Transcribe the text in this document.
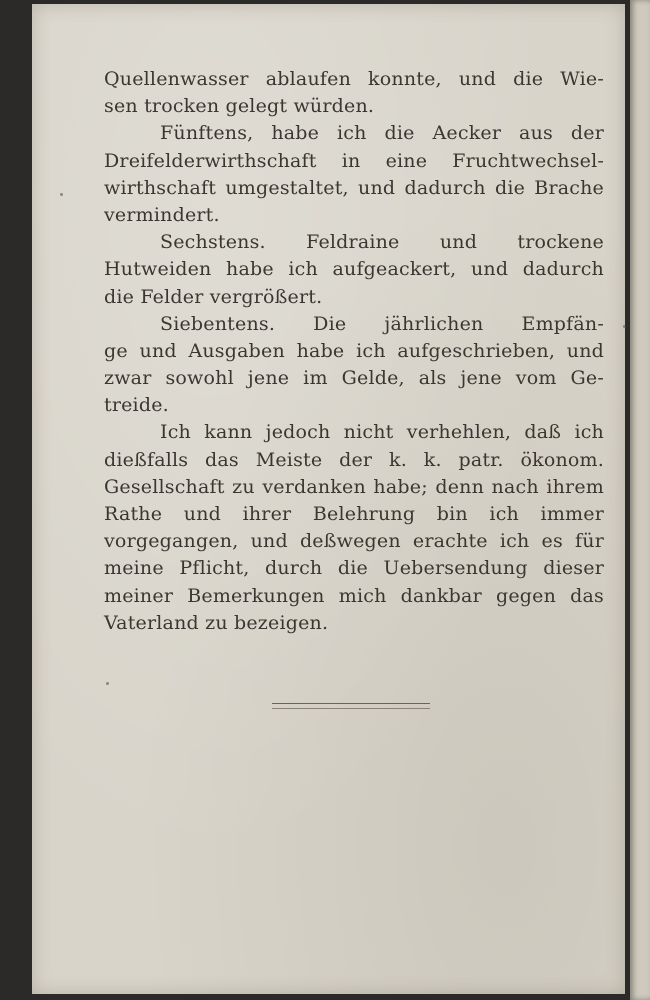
Quellenwasser ablaufen konnte, und die Wie-
sen trocken gelegt würden.
Fünftens, habe ich die Aecker aus der
Dreifelderwirthschaft in eine Fruchtwechsel-
wirthschaft umgestaltet, und dadurch die Brache
vermindert.
Sechstens. Feldraine und trockene
Hutweiden habe ich aufgeackert, und dadurch
die Felder vergrößert.
Siebentens. Die jährlichen Empfän-
ge und Ausgaben habe ich aufgeschrieben, und
zwar sowohl jene im Gelde, als jene vom Ge-
treide.
Ich kann jedoch nicht verhehlen, daß ich
dießfalls das Meiste der k. k. patr. ökonom.
Gesellschaft zu verdanken habe; denn nach ihrem
Rathe und ihrer Belehrung bin ich immer
vorgegangen, und deßwegen erachte ich es für
meine Pflicht, durch die Uebersendung dieser
meiner Bemerkungen mich dankbar gegen das
Vaterland zu bezeigen.
